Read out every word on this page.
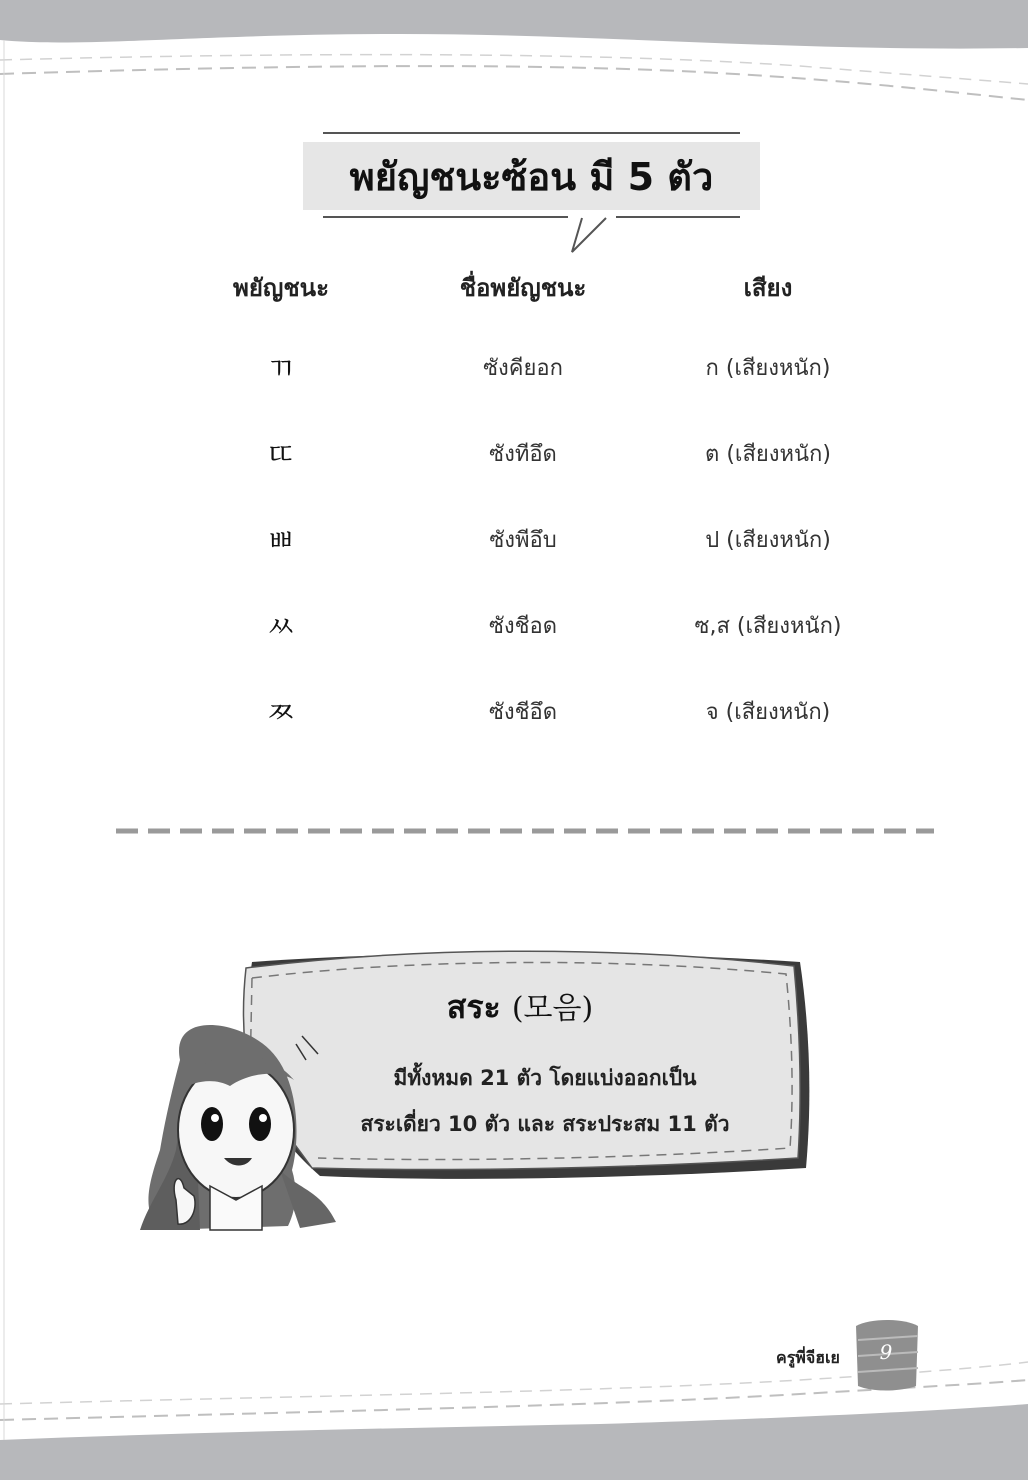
พยัญชนะซ้อน มี 5 ตัว
พยัญชนะ	ชื่อพยัญชนะ	เสียง
ㄲ	ซังคียอก	ก (เสียงหนัก)
ㄸ	ซังทีอึด	ต (เสียงหนัก)
ㅃ	ซังพีอึบ	ป (เสียงหนัก)
ㅆ	ซังชีอด	ซ,ส (เสียงหนัก)
ㅉ	ซังชีอึด	จ (เสียงหนัก)
สระ (모음)
มีทั้งหมด 21 ตัว โดยแบ่งออกเป็น
สระเดี่ยว 10 ตัว และ สระประสม 11 ตัว
ครูพี่จีฮเย	9
